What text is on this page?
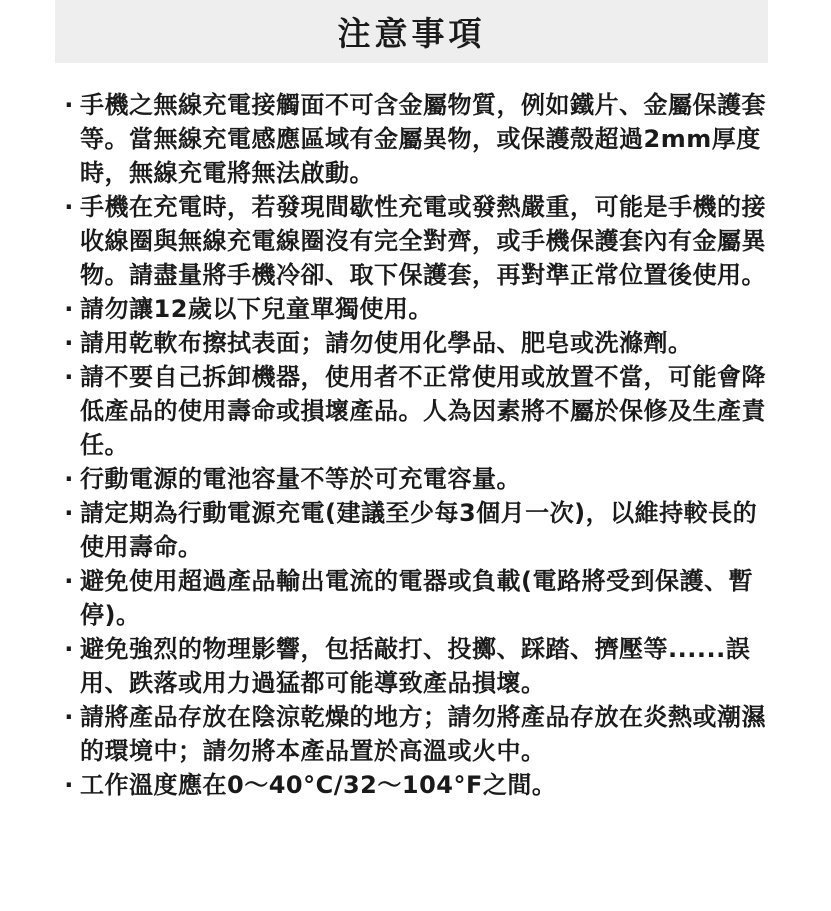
注意事項
· 手機之無線充電接觸面不可含金屬物質，例如鐵片、金屬保護套等。當無線充電感應區域有金屬異物，或保護殼超過2mm厚度時，無線充電將無法啟動。
· 手機在充電時，若發現間歇性充電或發熱嚴重，可能是手機的接收線圈與無線充電線圈沒有完全對齊，或手機保護套內有金屬異物。請盡量將手機冷卻、取下保護套，再對準正常位置後使用。
· 請勿讓12歲以下兒童單獨使用。
· 請用乾軟布擦拭表面；請勿使用化學品、肥皂或洗滌劑。
· 請不要自己拆卸機器，使用者不正常使用或放置不當，可能會降低產品的使用壽命或損壞產品。人為因素將不屬於保修及生產責任。
· 行動電源的電池容量不等於可充電容量。
· 請定期為行動電源充電(建議至少每3個月一次)，以維持較長的使用壽命。
· 避免使用超過產品輸出電流的電器或負載(電路將受到保護、暫停)。
· 避免強烈的物理影響，包括敲打、投擲、踩踏、擠壓等......誤用、跌落或用力過猛都可能導致產品損壞。
· 請將產品存放在陰涼乾燥的地方；請勿將產品存放在炎熱或潮濕的環境中；請勿將本產品置於高溫或火中。
· 工作溫度應在0～40°C/32～104°F之間。
